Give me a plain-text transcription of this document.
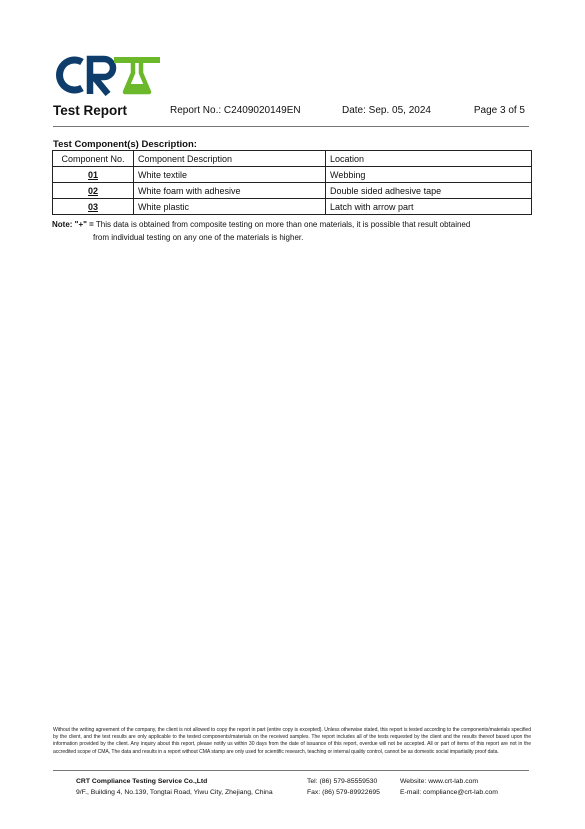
Test Report	Report No.: C2409020149EN	Date: Sep. 05, 2024	Page 3 of 5
Test Component(s) Description:
Component No.	Component Description	Location
01	White textile	Webbing
02	White foam with adhesive	Double sided adhesive tape
03	White plastic	Latch with arrow part
Note: "+" = This data is obtained from composite testing on more than one materials, it is possible that result obtained
from individual testing on any one of the materials is higher.
Without the writing agreement of the company, the client is not allowed to copy the report in part (entire copy is excepted). Unless otherwise stated, this report is tested according to the components/materials specified by the client, and the test results are only applicable to the tested components/materials on the received samples. The report includes all of the tests requested by the client and the results thereof based upon the information provided by the client. Any inquiry about this report, please notify us within 30 days from the date of issuance of this report, overdue will not be accepted. All or part of items of this report are not in the accredited scope of CMA, The data and results in a report without CMA stamp are only used for scientific research, teaching or internal quality control, cannot be as domestic social impartiality proof data.
CRT Compliance Testing Service Co.,Ltd
9/F., Building 4, No.139, Tongtai Road, Yiwu City, Zhejiang, China
Tel: (86) 579-85559530
Fax: (86) 579-89922695
Website: www.crt-lab.com
E-mail: compliance@crt-lab.com
